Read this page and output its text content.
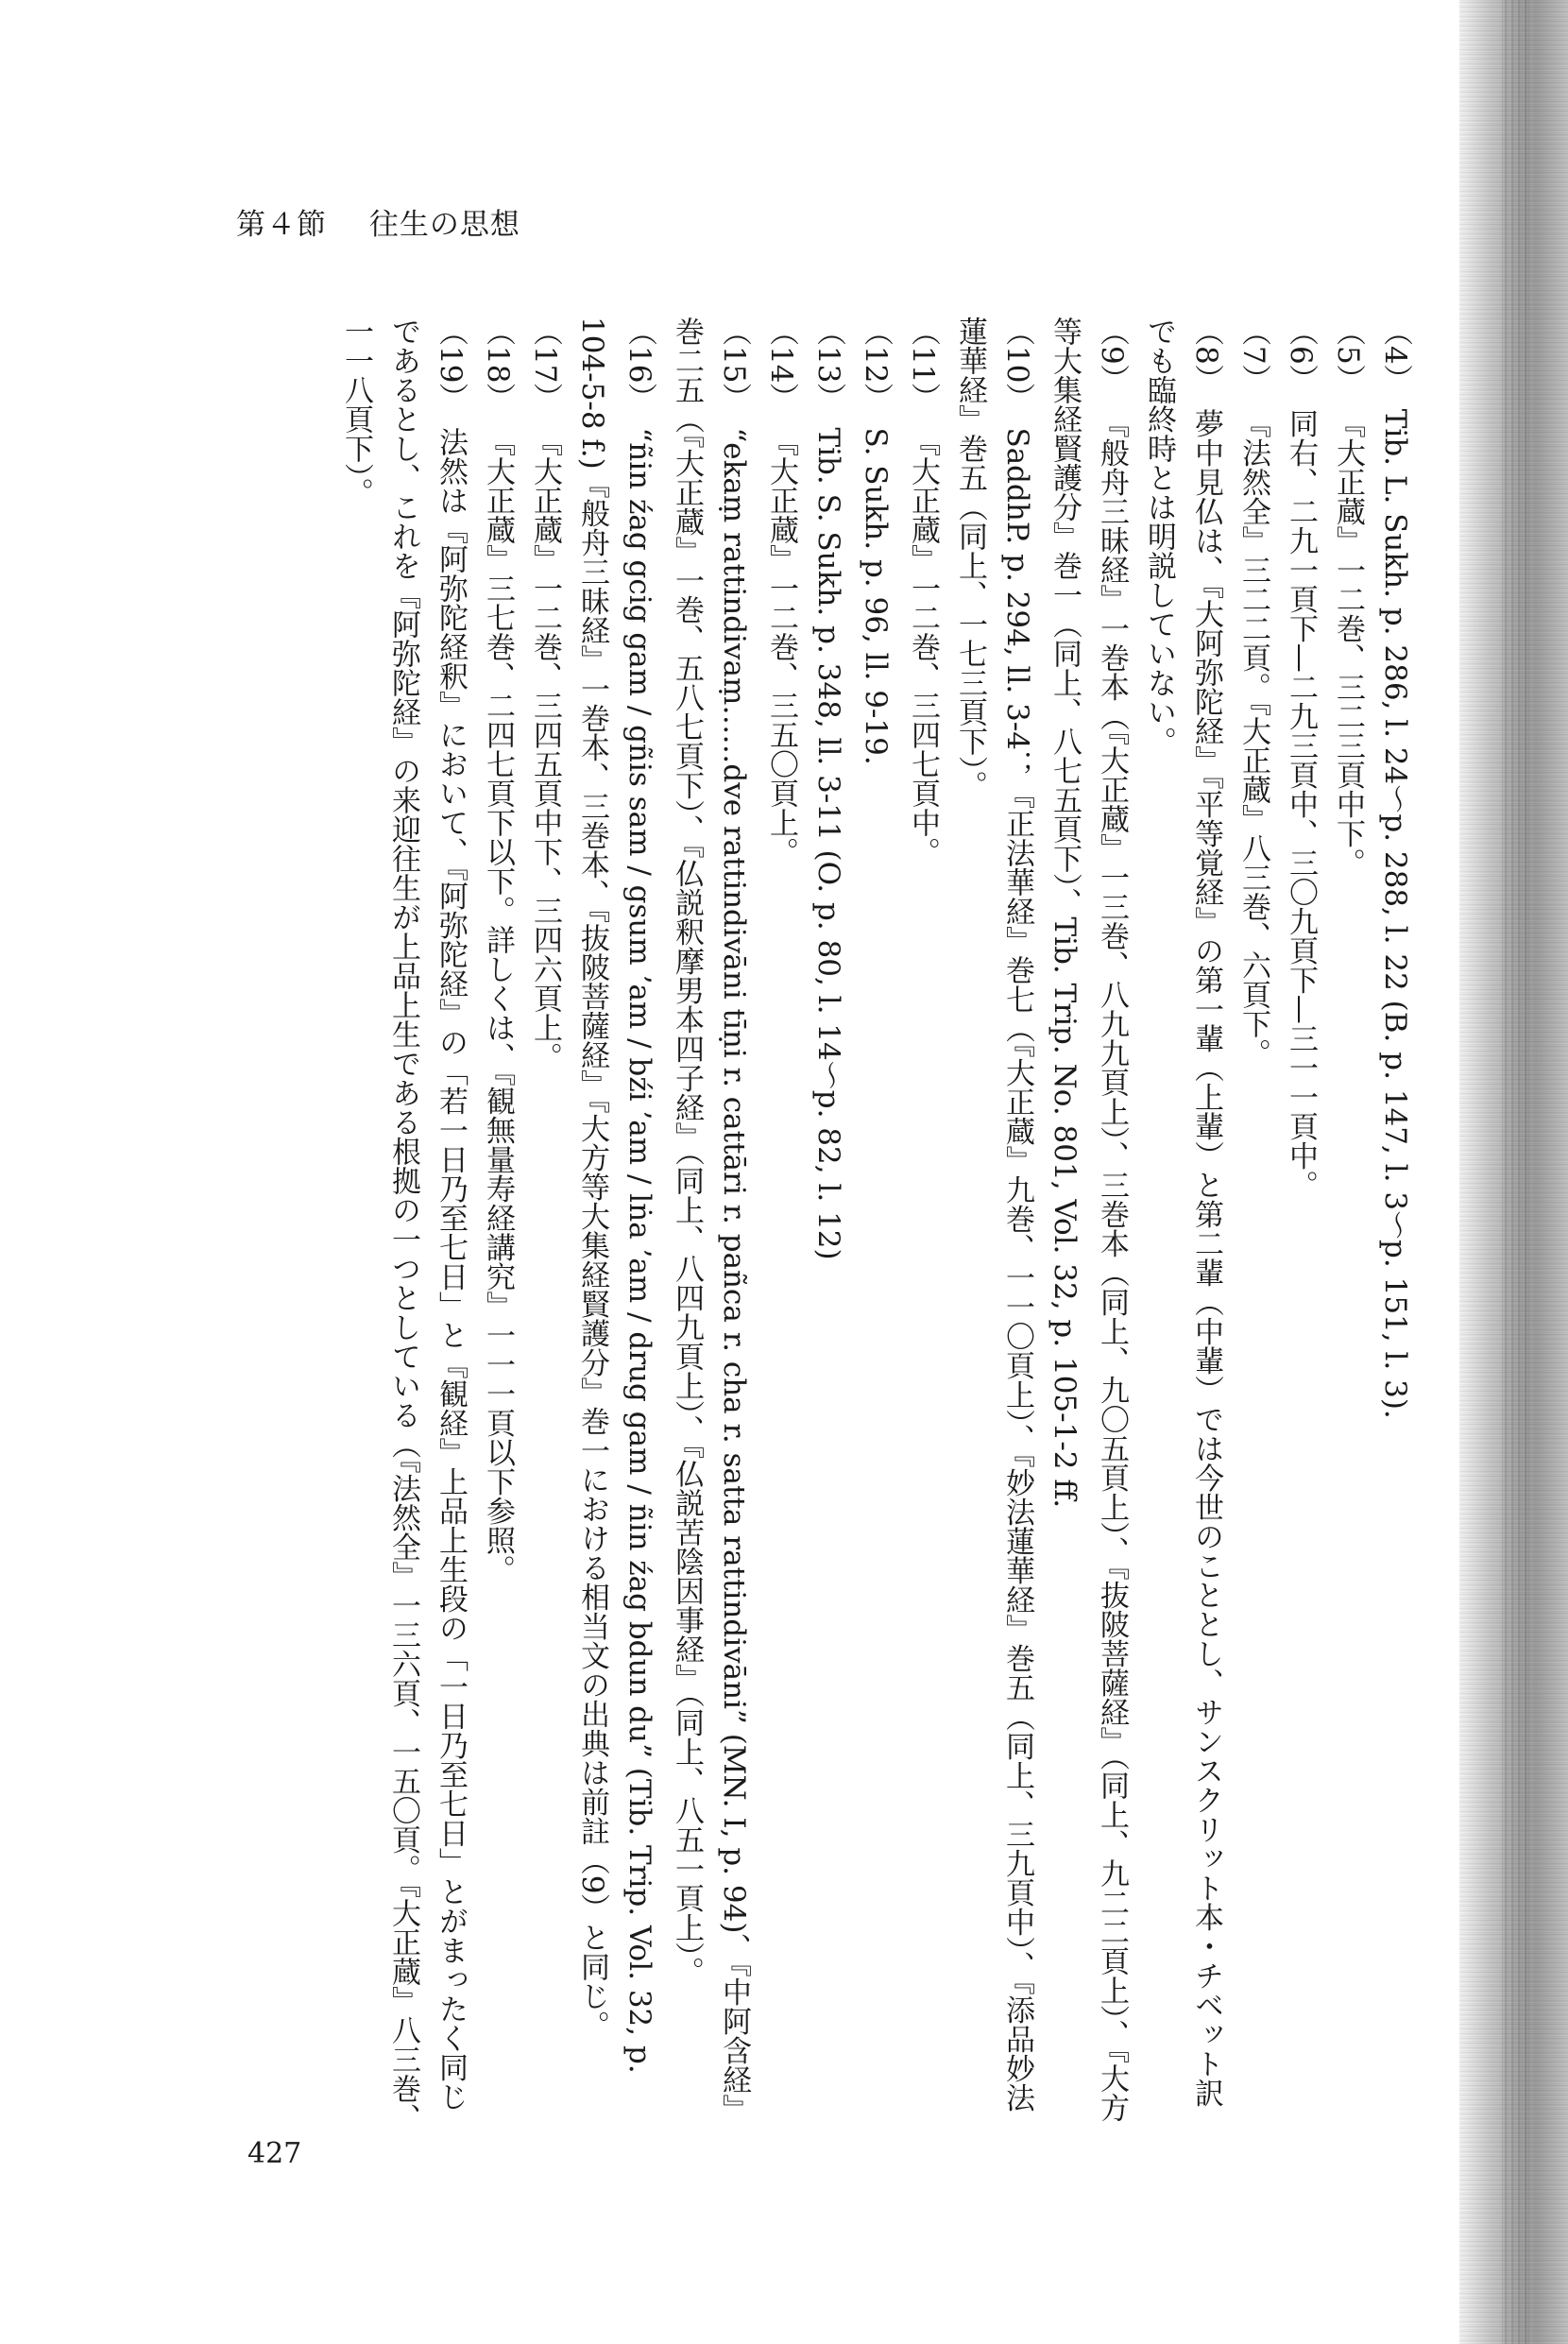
第４節 往生の思想

（4）Tib. L. Sukh. p. 286, l. 24〜p. 288, l. 22 (B. p. 147, l. 3〜p. 151, l. 3).

（5）『大正蔵』一二巻、三二三頁中下。

（6）同右、二九一頁下—二九三頁中、三〇九頁下—三一一頁中。

（7）『法然全』三二二頁。『大正蔵』八三巻、六頁下。

（8）夢中見仏は、『大阿弥陀経』『平等覚経』の第一輩（上輩）と第二輩（中輩）では今世のこととし、サンスクリット本・チベット訳でも臨終時とは明説していない。

（9）『般舟三昧経』一巻本（『大正蔵』一三巻、八九九頁上）、三巻本（同上、九〇五頁上）、『抜陂菩薩経』（同上、九二二頁上）、『大方等大集経賢護分』巻一（同上、八七五頁下）、Tib. Trip. No. 801, Vol. 32, p. 105-1-2 ff.

（10）SaddhP. p. 294, ll. 3-4；『正法華経』巻七（『大正蔵』九巻、一一〇頁上）、『妙法蓮華経』巻五（同上、三九頁中）、『添品妙法蓮華経』巻五（同上、一七三頁下）。

（11）『大正蔵』一二巻、三四七頁中。

（12）S. Sukh. p. 96, ll. 9-19.

（13）Tib. S. Sukh. p. 348, ll. 3-11 (O. p. 80, l. 14〜p. 82, l. 12)

（14）『大正蔵』一二巻、三五〇頁上。

（15）“ekaṃ rattindivaṃ……dve rattindivāni tīṇi r. cattāri r. pañca r. cha r. satta rattindivāni” (MN. I, p. 94)、『中阿含経』巻二五（『大正蔵』一巻、五八七頁下）、『仏説釈摩男本四子経』（同上、八四九頁上）、『仏説苦陰因事経』（同上、八五一頁上）。

（16）“ñin źag gcig gam / gñis sam / gsum ’am / bźi ’am / lṅa ’am / drug gam / ñin źag bdun du” (Tib. Trip. Vol. 32, p. 104-5-8 f.)『般舟三昧経』一巻本、三巻本、『抜陂菩薩経』『大方等大集経賢護分』巻一における相当文の出典は前註（9）と同じ。

（17）『大正蔵』一二巻、三四五頁中下、三四六頁上。

（18）『大正蔵』三七巻、二四七頁下以下。詳しくは、『観無量寿経講究』一一一頁以下参照。

（19）法然は『阿弥陀経釈』において、『阿弥陀経』の「若一日乃至七日」と『観経』上品上生段の「一日乃至七日」とがまったく同じであるとし、これを『阿弥陀経』の来迎往生が上品上生である根拠の一つとしている（『法然全』一三六頁、一五〇頁。『大正蔵』八三巻、一一八頁下）。

427
